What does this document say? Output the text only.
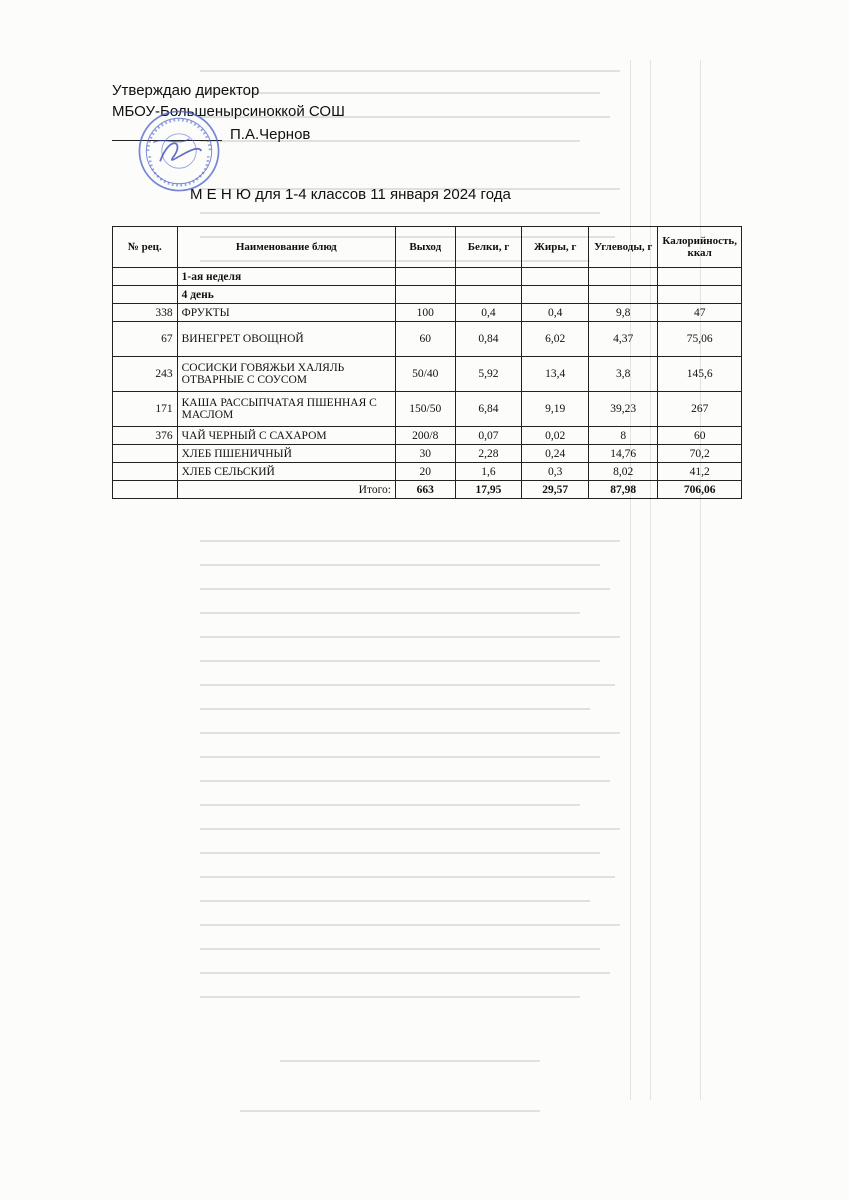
Утверждаю директор
МБОУ-Большенырсиноккой СОШ
П.А.Чернов
М Е Н Ю для 1-4 классов 11 января 2024 года
№ рец.	Наименование блюд	Выход	Белки, г	Жиры, г	Углеводы, г	Калорийность, ккал
	1-ая неделя					
	4 день					
338	ФРУКТЫ	100	0,4	0,4	9,8	47
67	ВИНЕГРЕТ ОВОЩНОЙ	60	0,84	6,02	4,37	75,06
243	СОСИСКИ ГОВЯЖЬИ ХАЛЯЛЬ ОТВАРНЫЕ С СОУСОМ	50/40	5,92	13,4	3,8	145,6
171	КАША РАССЫПЧАТАЯ ПШЕННАЯ С МАСЛОМ	150/50	6,84	9,19	39,23	267
376	ЧАЙ ЧЕРНЫЙ С САХАРОМ	200/8	0,07	0,02	8	60
	ХЛЕБ ПШЕНИЧНЫЙ	30	2,28	0,24	14,76	70,2
	ХЛЕБ СЕЛЬСКИЙ	20	1,6	0,3	8,02	41,2
	Итого:	663	17,95	29,57	87,98	706,06
